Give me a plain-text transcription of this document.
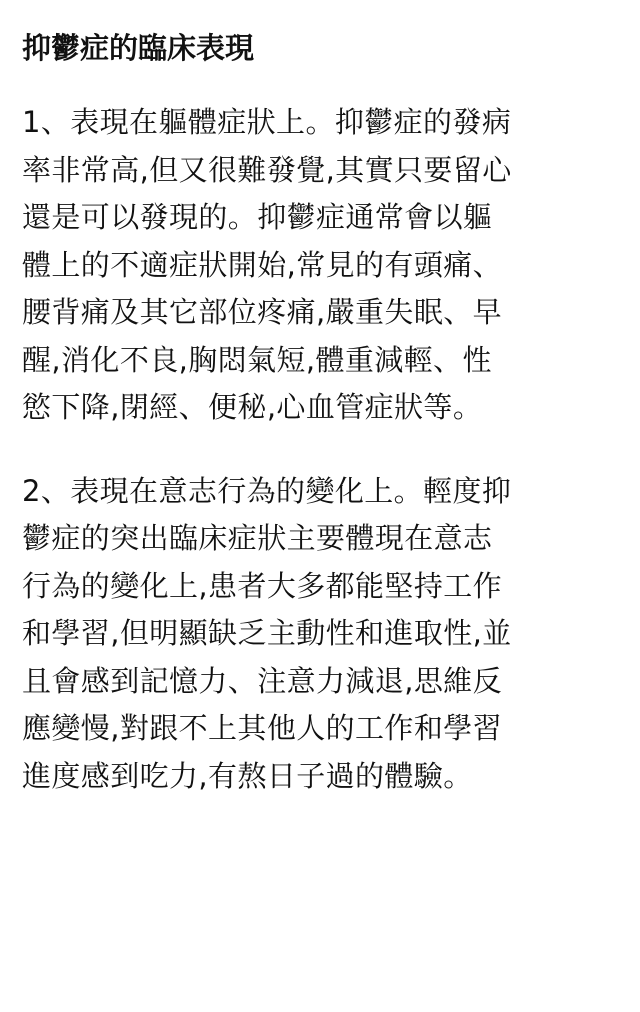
抑鬱症的臨床表現
1、表現在軀體症狀上。抑鬱症的發病
率非常高,但又很難發覺,其實只要留心
還是可以發現的。抑鬱症通常會以軀
體上的不適症狀開始,常見的有頭痛、
腰背痛及其它部位疼痛,嚴重失眠、早
醒,消化不良,胸悶氣短,體重減輕、性
慾下降,閉經、便秘,心血管症狀等。
2、表現在意志行為的變化上。輕度抑
鬱症的突出臨床症狀主要體現在意志
行為的變化上,患者大多都能堅持工作
和學習,但明顯缺乏主動性和進取性,並
且會感到記憶力、注意力減退,思維反
應變慢,對跟不上其他人的工作和學習
進度感到吃力,有熬日子過的體驗。
